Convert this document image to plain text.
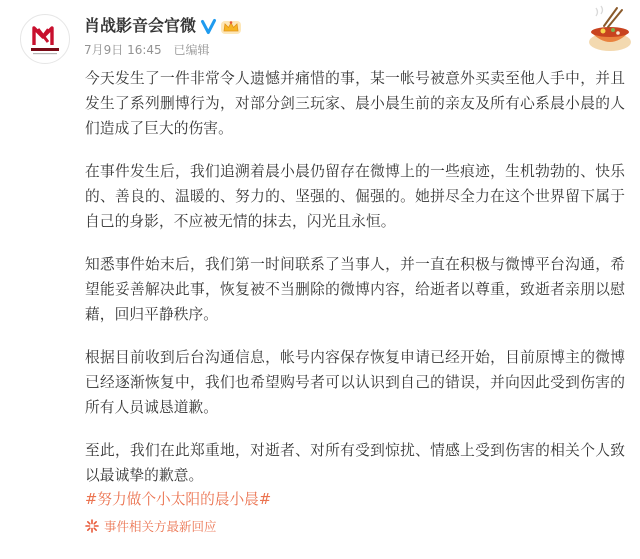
肖战影音会官微
7月9日 16:45 已编辑

今天发生了一件非常令人遗憾并痛惜的事，某一帐号被意外买卖至他人手中，并且发生了系列删博行为，对部分剑三玩家、晨小晨生前的亲友及所有心系晨小晨的人们造成了巨大的伤害。

在事件发生后，我们追溯着晨小晨仍留存在微博上的一些痕迹，生机勃勃的、快乐的、善良的、温暖的、努力的、坚强的、倔强的。她拼尽全力在这个世界留下属于自己的身影，不应被无情的抹去，闪光且永恒。

知悉事件始末后，我们第一时间联系了当事人，并一直在积极与微博平台沟通，希望能妥善解决此事，恢复被不当删除的微博内容，给逝者以尊重，致逝者亲朋以慰藉，回归平静秩序。

根据目前收到后台沟通信息，帐号内容保存恢复申请已经开始，目前原博主的微博已经逐渐恢复中，我们也希望购号者可以认识到自己的错误，并向因此受到伤害的所有人员诚恳道歉。

至此，我们在此郑重地，对逝者、对所有受到惊扰、情感上受到伤害的相关个人致以最诚挚的歉意。

#努力做个小太阳的晨小晨#
事件相关方最新回应
